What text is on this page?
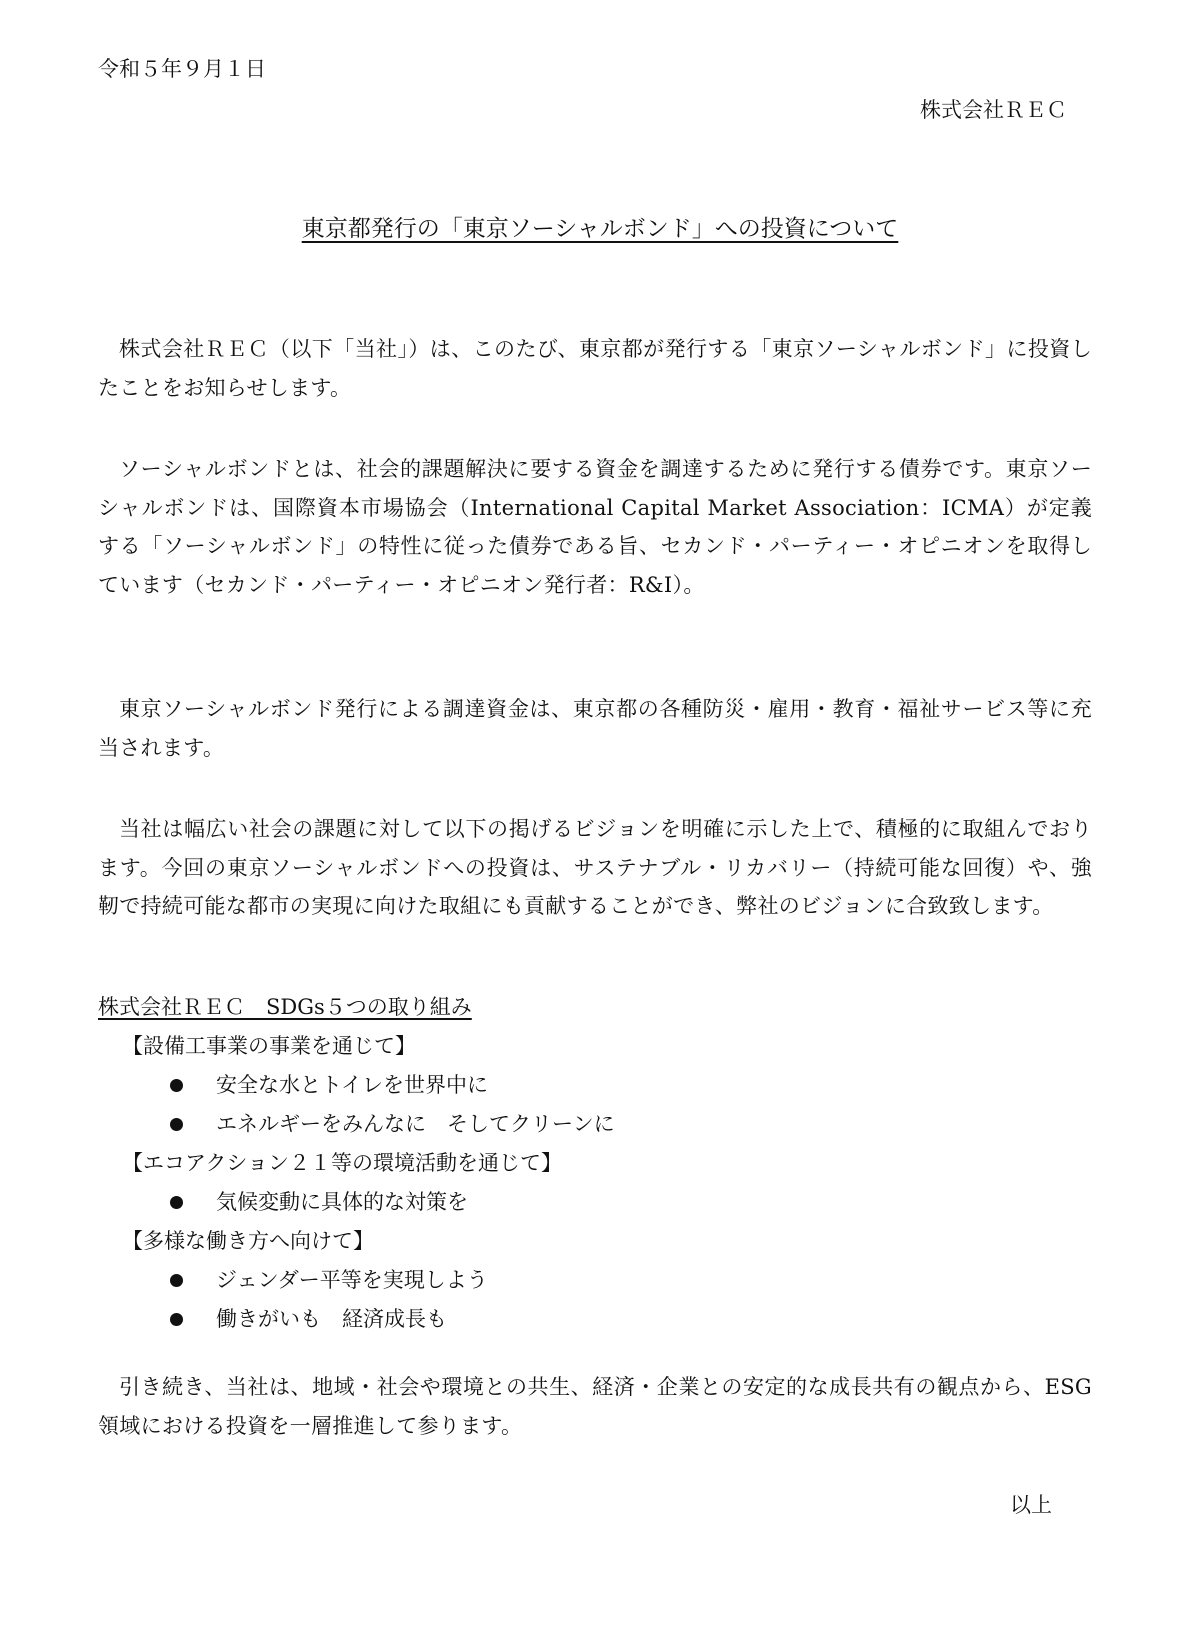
令和５年９月１日
株式会社ＲＥＣ
東京都発行の「東京ソーシャルボンド」への投資について

株式会社ＲＥＣ（以下「当社」）は、このたび、東京都が発行する「東京ソーシャルボンド」に投資したことをお知らせします。

ソーシャルボンドとは、社会的課題解決に要する資金を調達するために発行する債券です。東京ソーシャルボンドは、国際資本市場協会（International Capital Market Association：ICMA）が定義する「ソーシャルボンド」の特性に従った債券である旨、セカンド・パーティー・オピニオンを取得しています（セカンド・パーティー・オピニオン発行者：R&I）。

東京ソーシャルボンド発行による調達資金は、東京都の各種防災・雇用・教育・福祉サービス等に充当されます。

当社は幅広い社会の課題に対して以下の掲げるビジョンを明確に示した上で、積極的に取組んでおります。今回の東京ソーシャルボンドへの投資は、サステナブル・リカバリー（持続可能な回復）や、強靭で持続可能な都市の実現に向けた取組にも貢献することができ、弊社のビジョンに合致致します。

株式会社ＲＥＣ　SDGs５つの取り組み
【設備工事業の事業を通じて】
安全な水とトイレを世界中に
エネルギーをみんなに　そしてクリーンに
【エコアクション２１等の環境活動を通じて】
気候変動に具体的な対策を
【多様な働き方へ向けて】
ジェンダー平等を実現しよう
働きがいも　経済成長も

引き続き、当社は、地域・社会や環境との共生、経済・企業との安定的な成長共有の観点から、ESG領域における投資を一層推進して参ります。

以上
